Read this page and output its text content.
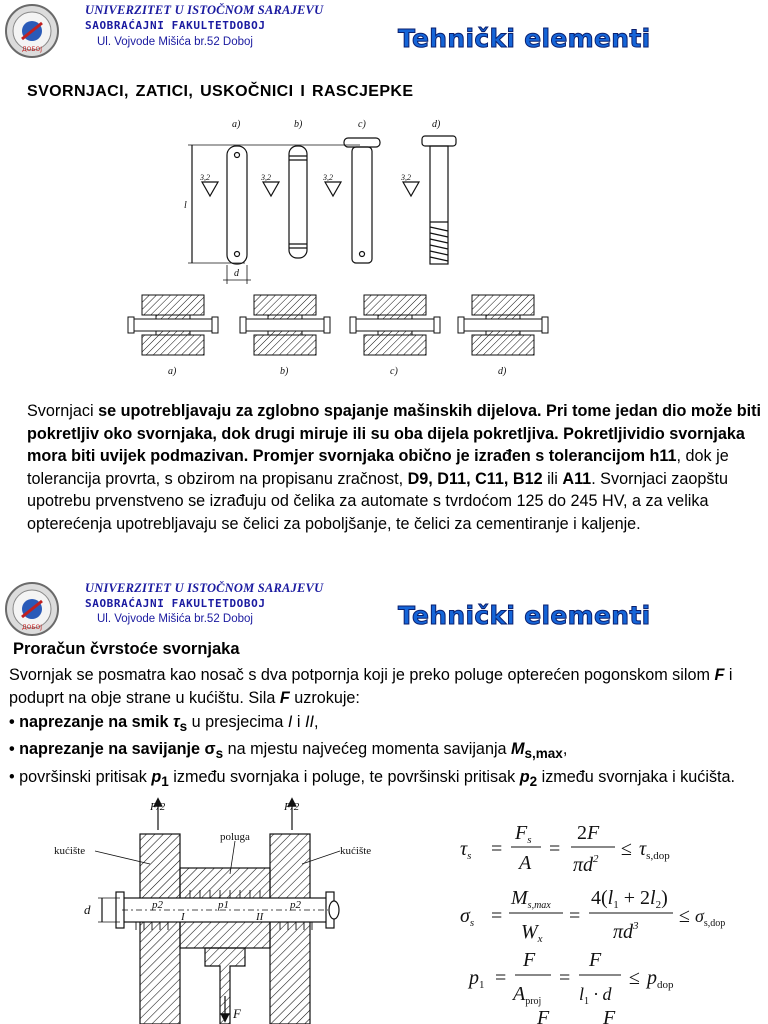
ДОБОЈ
UNIVERZITET U ISTOČNOM SARAJEVU
SAOBRAĆAJNI FAKULTETDOBOJ
Ul. Vojvode Mišića br.52 Doboj	Tehnički elementi
SVORNJACI, ZATICI, USKOČNICI I RASCJEPKE
a)	b)	c)	d)
l
d
3,2	3,2	3,2	3,2
a)	b)	c)	d)
Svornjaci se upotrebljavaju za zglobno spajanje mašinskih dijelova. Pri tome jedan dio može biti pokretljiv oko svornjaka, dok drugi miruje ili su oba dijela pokretljiva. Pokretljividio svornjaka mora biti uvijek podmazivan. Promjer svornjaka obično je izrađen s tolerancijom h11, dok je tolerancija provrta, s obzirom na propisanu zračnost, D9, D11, C11, B12 ili A11. Svornjaci zaopštu upotrebu prvenstveno se izrađuju od čelika za automate s tvrdoćom 125 do 245 HV, a za velika opterećenja upotrebljavaju se čelici za poboljšanje, te čelici za cementiranje i kaljenje.
ДОБОЈ
UNIVERZITET U ISTOČNOM SARAJEVU
SAOBRAĆAJNI FAKULTETDOBOJ
Ul. Vojvode Mišića br.52 Doboj	Tehnički elementi
Proračun čvrstoće svornjaka
Svornjak se posmatra kao nosač s dva potpornja koji je preko poluge opterećen pogonskom silom F i poduprt na obje strane u kućištu. Sila F uzrokuje:
• naprezanje na smik $\tau_s$ u presjecima I i II,
• naprezanje na savijanje $\sigma_s$ na mjestu najvećeg momenta savijanja $M_{s,max}$,
• površinski pritisak $p_1$ između svornjaka i poluge, te površinski pritisak $p_2$ između svornjaka i kućišta.
F/2	F/2
kućište	kućište
poluga
p1
p2	p2
I	II
d
F
$\tau_s$ =
$F_s$
A
=
2F
$\pi d^2 \le \tau_{s,dop}$
$\sigma_s$ =
$M_{s,max}$
$W_x$
=
$4(l_1 + 2l_2)$
$\pi d^3 \le \sigma_{s,dop}$
$p_1$ =
F
$A_{proj}$
=
F
$l_1 \cdot d$
≤ $p_{dop}$
F	F
